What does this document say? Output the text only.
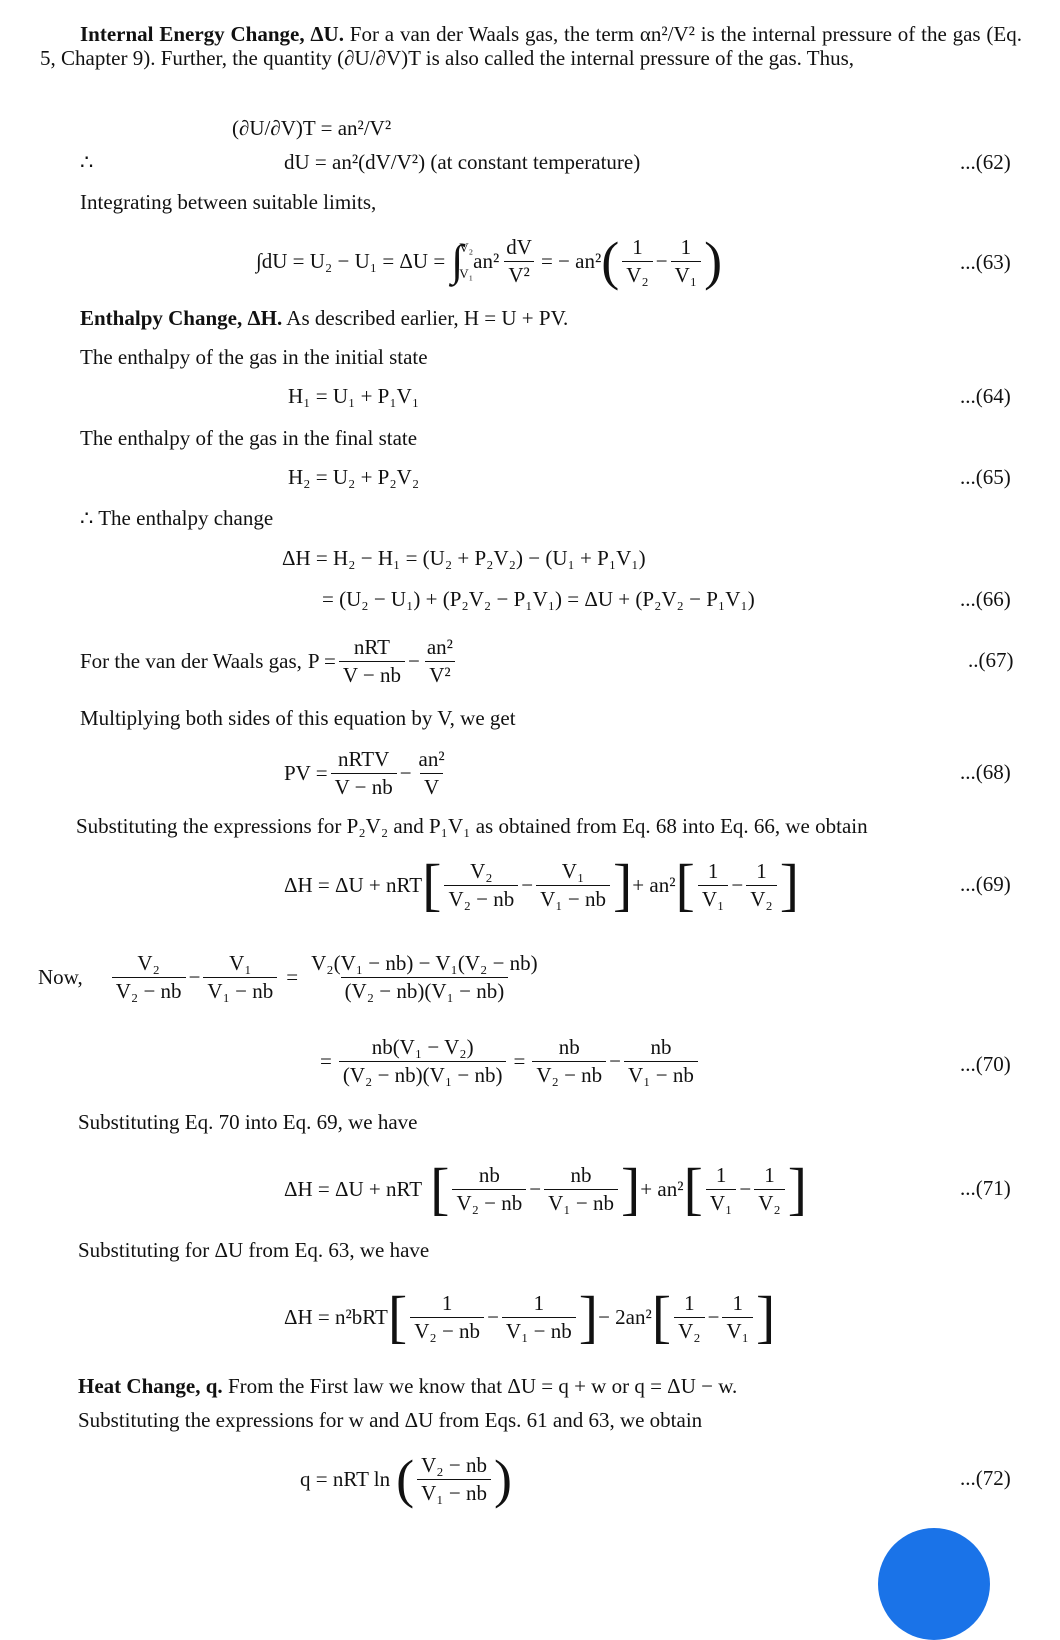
Internal Energy Change, ΔU. For a van der Waals gas, the term αn²/V² is the internal pressure of the gas (Eq. 5, Chapter 9). Further, the quantity (∂U/∂V)T is also called the internal pressure of the gas. Thus,
(∂U/∂V)T = an²/V²
∴	dU = an²(dV/V²) (at constant temperature)	...(62)
Integrating between suitable limits,
∫dU = U₂ − U₁ = ΔU = ∫
V₂
V₁
$an^2 \frac{dV}{\text{V²}}$ = − an² ( $\frac{1}{\text{V₂}} - \frac{1}{\text{V₁}}$ )	...(63)
Enthalpy Change, ΔH. As described earlier, H = U + PV.
The enthalpy of the gas in the initial state
H₁ = U₁ + P₁V₁	...(64)
The enthalpy of the gas in the final state
H₂ = U₂ + P₂V₂	...(65)
∴ The enthalpy change
ΔH = H₂ − H₁ = (U₂ + P₂V₂) − (U₁ + P₁V₁)
= (U₂ − U₁) + (P₂V₂ − P₁V₁) = ΔU + (P₂V₂ − P₁V₁)	...(66)
For the van der Waals gas, $P = \frac{\text{nRT}}{V - nb} - \frac{\text{an²}}{\text{V²}}$	..(67)
Multiplying both sides of this equation by V, we get
PV = $\frac{\text{nRTV}}{V - nb} - \frac{\text{an²}}{V}$	...(68)
Substituting the expressions for P₂V₂ and P₁V₁ as obtained from Eq. 68 into Eq. 66, we obtain
ΔH = ΔU + nRT [ $\frac{\text{V₂}}{\text{V₂ − nb}} - \frac{\text{V₁}}{\text{V₁ − nb}}$ ] + an² [ $\frac{1}{\text{V₁}} - \frac{1}{\text{V₂}}$ ]	...(69)
Now, $\frac{\text{V₂}}{\text{V₂ − nb}} - \frac{\text{V₁}}{\text{V₁ − nb}} = \frac{\text{V₂(V₁ − nb) − V₁(V₂ − nb)}}{\text{(V₂ − nb)(V₁ − nb)}}$
= $\frac{\text{nb(V₁ − V₂)}}{\text{(V₂ − nb)(V₁ − nb)}} = \frac{nb}{\text{V₂ − nb}} - \frac{nb}{\text{V₁ − nb}}$	...(70)
Substituting Eq. 70 into Eq. 69, we have
ΔH = ΔU + nRT [ $\frac{nb}{\text{V₂ − nb}} - \frac{nb}{\text{V₁ − nb}}$ ] + an² [ $\frac{1}{\text{V₁}} - \frac{1}{\text{V₂}}$ ]	...(71)
Substituting for ΔU from Eq. 63, we have
ΔH = n²bRT [ $\frac{1}{\text{V₂ − nb}} - \frac{1}{\text{V₁ − nb}}$ ] − 2an² [ $\frac{1}{\text{V₂}} - \frac{1}{\text{V₁}}$ ]
Heat Change, q. From the First law we know that ΔU = q + w or q = ΔU − w.
Substituting the expressions for w and ΔU from Eqs. 61 and 63, we obtain
q = nRT ln ( $\frac{\text{V₂ − nb}}{\text{V₁ − nb}}$ )	...(72)
